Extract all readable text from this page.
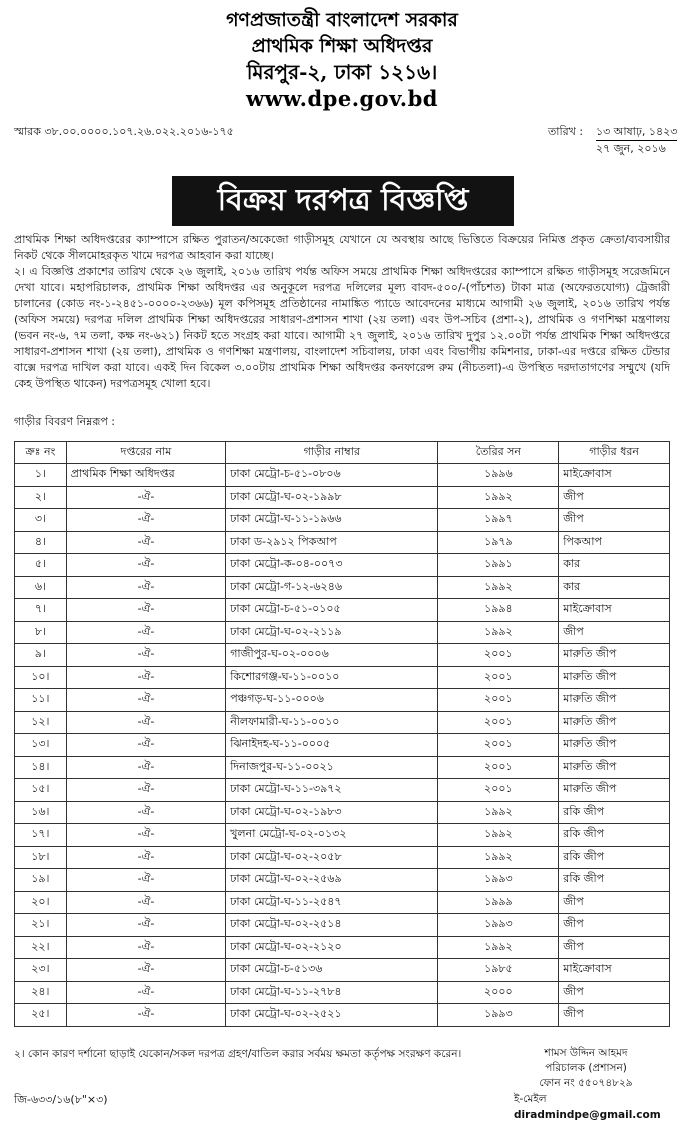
গণপ্রজাতন্ত্রী বাংলাদেশ সরকার
প্রাথমিক শিক্ষা অধিদপ্তর
মিরপুর-২, ঢাকা ১২১৬।
www.dpe.gov.bd
স্মারক ৩৮.০০.০০০০.১০৭.২৬.০২২.২০১৬-১৭৫	তারিখ : ১৩ আষাঢ়, ১৪২৩
২৭ জুন, ২০১৬
বিক্রয় দরপত্র বিজ্ঞপ্তি
প্রাথমিক শিক্ষা অধিদপ্তরের ক্যাম্পাসে রক্ষিত পুরাতন/অকেজো গাড়ীসমূহ যেখানে যে অবস্থায় আছে ভিত্তিতে বিক্রয়ের নিমিত্ত প্রকৃত ক্রেতা/ব্যবসায়ীর নিকট থেকে সীলমোহরকৃত খামে দরপত্র আহবান করা যাচ্ছে।
২। এ বিজ্ঞপ্তি প্রকাশের তারিখ থেকে ২৬ জুলাই, ২০১৬ তারিখ পর্যন্ত অফিস সময়ে প্রাথমিক শিক্ষা অধিদপ্তরের ক্যাম্পাসে রক্ষিত গাড়ীসমূহ সরেজমিনে দেখা যাবে। মহাপরিচালক, প্রাথমিক শিক্ষা অধিদপ্তর এর অনুকূলে দরপত্র দলিলের মূল্য বাবদ-৫০০/-(পাঁচশত) টাকা মাত্র (অফেরতযোগ্য) ট্রেজারী চালানের (কোড নং-১-২৪৫১-০০০০-২৩৬৬) মূল কপিসমূহ প্রতিষ্ঠানের নামাঙ্কিত প্যাডে আবেদনের মাধ্যমে আগামী ২৬ জুলাই, ২০১৬ তারিখ পর্যন্ত (অফিস সময়ে) দরপত্র দলিল প্রাথমিক শিক্ষা অধিদপ্তরের সাধারণ-প্রশাসন শাখা (২য় তলা) এবং উপ-সচিব (প্রশা-২), প্রাথমিক ও গণশিক্ষা মন্ত্রণালয় (ভবন নং-৬, ৭ম তলা, কক্ষ নং-৬২১) নিকট হতে সংগ্রহ করা যাবে। আগামী ২৭ জুলাই, ২০১৬ তারিখ দুপুর ১২.০০টা পর্যন্ত প্রাথমিক শিক্ষা অধিদপ্তরে সাধারণ-প্রশাসন শাখা (২য় তলা), প্রাথমিক ও গণশিক্ষা মন্ত্রণালয়, বাংলাদেশ সচিবালয়, ঢাকা এবং বিভাগীয় কমিশনার, ঢাকা-এর দপ্তরে রক্ষিত টেন্ডার বাক্সে দরপত্র দাখিল করা যাবে। একই দিন বিকেল ৩.০০টায় প্রাথমিক শিক্ষা অধিদপ্তর কনফারেন্স রুম (নীচতলা)-এ উপস্থিত দরদাতাগণের সম্মুখে (যদি কেহ উপস্থিত থাকেন) দরপত্রসমূহ খোলা হবে।
গাড়ীর বিবরণ নিম্নরূপ :
ক্রঃ নং	দপ্তরের নাম	গাড়ীর নাম্বার	তৈরির সন	গাড়ীর ধরন
১।	প্রাথমিক শিক্ষা অধিদপ্তর	ঢাকা মেট্রো-চ-৫১-০৮০৬	১৯৯৬	মাইক্রোবাস
২।	-ঐ-	ঢাকা মেট্রো-ঘ-০২-১৯৯৮	১৯৯২	জীপ
৩।	-ঐ-	ঢাকা মেট্রো-ঘ-১১-১৯৬৬	১৯৯৭	জীপ
৪।	-ঐ-	ঢাকা ড-২৯১২ পিকআপ	১৯৭৯	পিকআপ
৫।	-ঐ-	ঢাকা মেট্রো-ক-০৪-০০৭৩	১৯৯১	কার
৬।	-ঐ-	ঢাকা মেট্রো-গ-১২-৬২৪৬	১৯৯২	কার
৭।	-ঐ-	ঢাকা মেট্রো-চ-৫১-০১০৫	১৯৯৪	মাইক্রোবাস
৮।	-ঐ-	ঢাকা মেট্রো-ঘ-০২-২১১৯	১৯৯২	জীপ
৯।	-ঐ-	গাজীপুর-ঘ-০২-০০০৬	২০০১	মারুতি জীপ
১০।	-ঐ-	কিশোরগঞ্জ-ঘ-১১-০০১০	২০০১	মারুতি জীপ
১১।	-ঐ-	পঞ্চগড়-ঘ-১১-০০০৬	২০০১	মারুতি জীপ
১২।	-ঐ-	নীলফামারী-ঘ-১১-০০১০	২০০১	মারুতি জীপ
১৩।	-ঐ-	ঝিনাইদহ-ঘ-১১-০০০৫	২০০১	মারুতি জীপ
১৪।	-ঐ-	দিনাজপুর-ঘ-১১-০০২১	২০০১	মারুতি জীপ
১৫।	-ঐ-	ঢাকা মেট্রো-ঘ-১১-৩৯৭২	২০০১	মারুতি জীপ
১৬।	-ঐ-	ঢাকা মেট্রো-ঘ-০২-১৯৮৩	১৯৯২	রকি জীপ
১৭।	-ঐ-	খুলনা মেট্রো-ঘ-০২-০১৩২	১৯৯২	রকি জীপ
১৮।	-ঐ-	ঢাকা মেট্রো-ঘ-০২-২০৫৮	১৯৯২	রকি জীপ
১৯।	-ঐ-	ঢাকা মেট্রো-ঘ-০২-২৫৬৯	১৯৯৩	রকি জীপ
২০।	-ঐ-	ঢাকা মেট্রো-ঘ-১১-২৫৪৭	১৯৯৯	জীপ
২১।	-ঐ-	ঢাকা মেট্রো-ঘ-০২-২৫১৪	১৯৯৩	জীপ
২২।	-ঐ-	ঢাকা মেট্রো-ঘ-০২-২১২০	১৯৯২	জীপ
২৩।	-ঐ-	ঢাকা মেট্রো-চ-৫১৩৬	১৯৮৫	মাইক্রোবাস
২৪।	-ঐ-	ঢাকা মেট্রো-ঘ-১১-২৭৮৪	২০০০	জীপ
২৫।	-ঐ-	ঢাকা মেট্রো-ঘ-০২-২৫২১	১৯৯৩	জীপ
২। কোন কারণ দর্শানো ছাড়াই যেকোন/সকল দরপত্র গ্রহণ/বাতিল করার সর্বময় ক্ষমতা কর্তৃপক্ষ সংরক্ষণ করেন।	শামস উদ্দিন আহমদ
পরিচালক (প্রশাসন)
ফোন নং ৫৫০৭৪৮২৯
ই-মেইল diradmindpe@gmail.com
জি-৬৩৩/১৬(৮"×৩)
